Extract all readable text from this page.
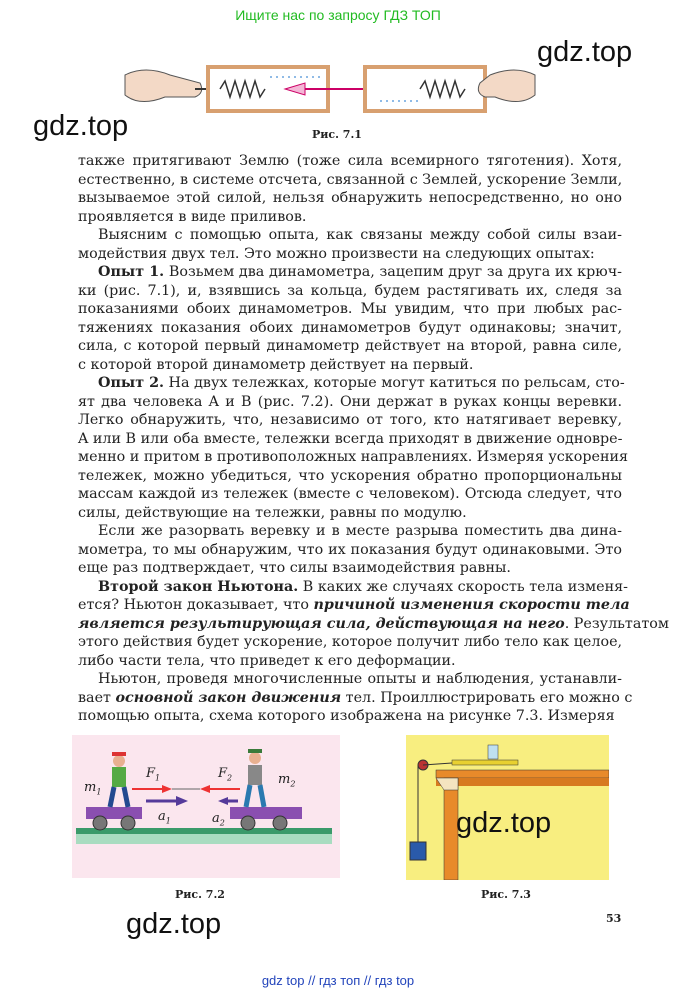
Ищите нас по запросу ГДЗ ТОП
gdz.top
gdz.top	Рис. 7.1
также притягивают Землю (тоже сила всемирного тяготения). Хотя,
естественно, в системе отсчета, связанной с Землей, ускорение Земли,
вызываемое этой силой, нельзя обнаружить непосредственно, но оно
проявляется в виде приливов.
Выясним с помощью опыта, как связаны между собой силы взаи-
модействия двух тел. Это можно произвести на следующих опытах:
Опыт 1. Возьмем два динамометра, зацепим друг за друга их крюч-
ки (рис. 7.1), и, взявшись за кольца, будем растягивать их, следя за
показаниями обоих динамометров. Мы увидим, что при любых рас-
тяжениях показания обоих динамометров будут одинаковы; значит,
сила, с которой первый динамометр действует на второй, равна силе,
с которой второй динамометр действует на первый.
Опыт 2. На двух тележках, которые могут катиться по рельсам, сто-
ят два человека A и B (рис. 7.2). Они держат в руках концы веревки.
Легко обнаружить, что, независимо от того, кто натягивает веревку,
A или B или оба вместе, тележки всегда приходят в движение одновре-
менно и притом в противоположных направлениях. Измеряя ускорения
тележек, можно убедиться, что ускорения обратно пропорциональны
массам каждой из тележек (вместе с человеком). Отсюда следует, что
силы, действующие на тележки, равны по модулю.
Если же разорвать веревку и в месте разрыва поместить два дина-
мометра, то мы обнаружим, что их показания будут одинаковыми. Это
еще раз подтверждает, что силы взаимодействия равны.
Второй закон Ньютона. В каких же случаях скорость тела изменя-
ется? Ньютон доказывает, что причиной изменения скорости тела
является результирующая сила, действующая на него. Результатом
этого действия будет ускорение, которое получит либо тело как целое,
либо части тела, что приведет к его деформации.
Ньютон, проведя многочисленные опыты и наблюдения, устанавли-
вает основной закон движения тел. Проиллюстрировать его можно с
помощью опыта, схема которого изображена на рисунке 7.3. Измеряя
$m_1$
$m_2$
$F_1$	$F_2$
$a_1$	$a_2$
Рис. 7.2
gdz.top
Рис. 7.3
53
gdz.top
gdz top // гдз топ // гдз top
